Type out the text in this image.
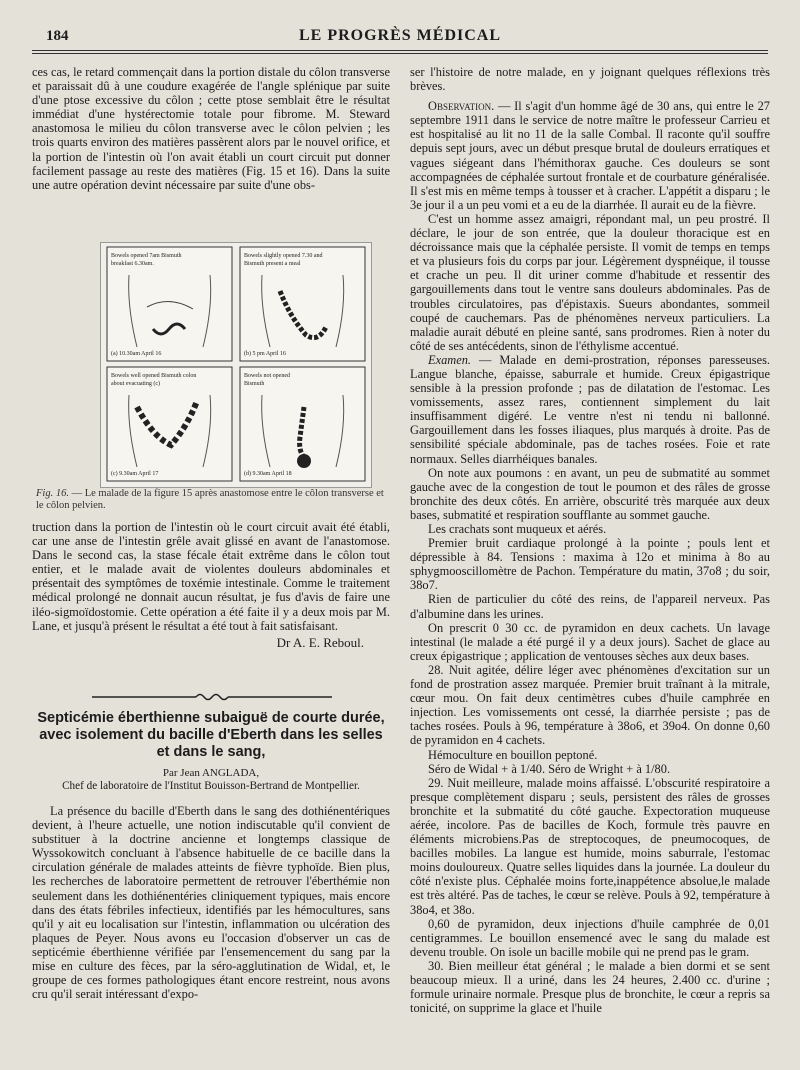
184	LE PROGRÈS MÉDICAL

ces cas, le retard commençait dans la portion distale du côlon transverse et paraissait dû à une coudure exagérée de l'angle splénique par suite d'une ptose excessive du côlon ; cette ptose semblait être le résultat immédiat d'une hystérectomie totale pour fibrome. M. Steward anastomosa le milieu du côlon transverse avec le côlon pelvien ; les trois quarts environ des matières passèrent alors par le nouvel orifice, et la portion de l'intestin où l'on avait établi un court circuit put donner facilement passage au reste des matières (Fig. 15 et 16). Dans la suite une autre opération devint nécessaire par suite d'une obs-

Bowels opened 7am Bismuth
breakfast 6.30am.
(a) 10.30am April 16
Bowels slightly opened 7.30 and
Bismuth present a meal
(b) 5 pm April 16
Bowels well opened Bismuth colon
about evacuating (c)
(c) 9.30am April 17
Bowels not opened
Bismuth
(d) 9.30am April 18
Fig. 16. — Le malade de la figure 15 après anastomose entre le côlon transverse et le côlon pelvien.

truction dans la portion de l'intestin où le court circuit avait été établi, car une anse de l'intestin grêle avait glissé en avant de l'anastomose. Dans le second cas, la stase fécale était extrême dans le côlon tout entier, et le malade avait de violentes douleurs abdominales et présentait des symptômes de toxémie intestinale. Comme le traitement médical prolongé ne donnait aucun résultat, je fus d'avis de faire une iléo-sigmoïdostomie. Cette opération a été faite il y a deux mois par M. Lane, et jusqu'à présent le résultat a été tout à fait satisfaisant.

Dr A. E. Reboul.
Septicémie éberthienne subaiguë de courte durée, avec isolement du bacille d'Eberth dans les selles et dans le sang,
Par Jean ANGLADA,
Chef de laboratoire de l'Institut Bouisson-Bertrand de Montpellier.

La présence du bacille d'Eberth dans le sang des dothiénentériques devient, à l'heure actuelle, une notion indiscutable qu'il convient de substituer à la doctrine ancienne et longtemps classique de Wyssokowitch concluant à l'absence habituelle de ce bacille dans la circulation générale de malades atteints de fièvre typhoïde. Bien plus, les recherches de laboratoire permettent de retrouver l'éberthémie non seulement dans les dothiénentéries cliniquement typiques, mais encore dans des états fébriles infectieux, identifiés par les hémocultures, sans qu'il y ait eu localisation sur l'intestin, inflammation ou ulcération des plaques de Peyer. Nous avons eu l'occasion d'observer un cas de septicémie éberthienne vérifiée par l'ensemencement du sang par la mise en culture des fèces, par la séro-agglutination de Widal, et, le groupe de ces formes pathologiques étant encore restreint, nous avons cru qu'il serait intéressant d'expo-

ser l'histoire de notre malade, en y joignant quelques réflexions très brèves.

Observation. — Il s'agit d'un homme âgé de 30 ans, qui entre le 27 septembre 1911 dans le service de notre maître le professeur Carrieu et est hospitalisé au lit no 11 de la salle Combal. Il raconte qu'il souffre depuis sept jours, avec un début presque brutal de douleurs erratiques et vagues siégeant dans l'hémithorax gauche. Ces douleurs se sont accompagnées de céphalée surtout frontale et de courbature généralisée. Il s'est mis en même temps à tousser et à cracher. L'appétit a disparu ; le 3e jour il a un peu vomi et a eu de la diarrhée. Il aurait eu de la fièvre.

C'est un homme assez amaigri, répondant mal, un peu prostré. Il déclare, le jour de son entrée, que la douleur thoracique est en décroissance mais que la céphalée persiste. Il vomit de temps en temps et va plusieurs fois du corps par jour. Légèrement dyspnéique, il tousse et crache un peu. Il dit uriner comme d'habitude et ressentir des gargouillements dans tout le ventre sans douleurs abdominales. Pas de troubles circulatoires, pas d'épistaxis. Sueurs abondantes, sommeil coupé de cauchemars. Pas de phénomènes nerveux particuliers. La maladie aurait débuté en pleine santé, sans prodromes. Rien à noter du côté de ses antécédents, sinon de l'éthylisme accentué.

Examen. — Malade en demi-prostration, réponses paresseuses. Langue blanche, épaisse, saburrale et humide. Creux épigastrique sensible à la pression profonde ; pas de dilatation de l'estomac. Les vomissements, assez rares, contiennent simplement du lait insuffisamment digéré. Le ventre n'est ni tendu ni ballonné. Gargouillement dans les fosses iliaques, plus marqués à droite. Pas de sensibilité spéciale abdominale, pas de taches rosées. Foie et rate normaux. Selles diarrhéiques banales.

On note aux poumons : en avant, un peu de submatité au sommet gauche avec de la congestion de tout le poumon et des râles de grosse bronchite des deux côtés. En arrière, obscurité très marquée aux deux bases, submatité et respiration soufflante au sommet gauche.

Les crachats sont muqueux et aérés.

Premier bruit cardiaque prolongé à la pointe ; pouls lent et dépressible à 84. Tensions : maxima à 12o et minima à 8o au sphygmooscillomètre de Pachon. Température du matin, 37o8 ; du soir, 38o7.

Rien de particulier du côté des reins, de l'appareil nerveux. Pas d'albumine dans les urines.

On prescrit 0 30 cc. de pyramidon en deux cachets. Un lavage intestinal (le malade a été purgé il y a deux jours). Sachet de glace au creux épigastrique ; application de ventouses sèches aux deux bases.

28. Nuit agitée, délire léger avec phénomènes d'excitation sur un fond de prostration assez marquée. Premier bruit traînant à la mitrale, cœur mou. On fait deux centimètres cubes d'huile camphrée en injection. Les vomissements ont cessé, la diarrhée persiste ; pas de taches rosées. Pouls à 96, température à 38o6, et 39o4. On donne 0,60 de pyramidon en 4 cachets.

Hémoculture en bouillon peptoné.

Séro de Widal + à 1/40. Séro de Wright + à 1/80.

29. Nuit meilleure, malade moins affaissé. L'obscurité respiratoire a presque complètement disparu ; seuls, persistent des râles de grosses bronchite et la submatité du côté gauche. Expectoration muqueuse aérée, incolore. Pas de bacilles de Koch, formule très pauvre en éléments microbiens.Pas de streptocoques, de pneumocoques, de bacilles mobiles. La langue est humide, moins saburrale, l'estomac moins douloureux. Quatre selles liquides dans la journée. La douleur du côté n'existe plus. Céphalée moins forte,inappétence absolue,le malade est très altéré. Pas de taches, le cœur se relève. Pouls à 92, température à 38o4, et 38o.

0,60 de pyramidon, deux injections d'huile camphrée de 0,01 centigrammes. Le bouillon ensemencé avec le sang du malade est devenu trouble. On isole un bacille mobile qui ne prend pas le gram.

30. Bien meilleur état général ; le malade a bien dormi et se sent beaucoup mieux. Il a uriné, dans les 24 heures, 2.400 cc. d'urine ; formule urinaire normale. Presque plus de bronchite, le cœur a repris sa tonicité, on supprime la glace et l'huile
